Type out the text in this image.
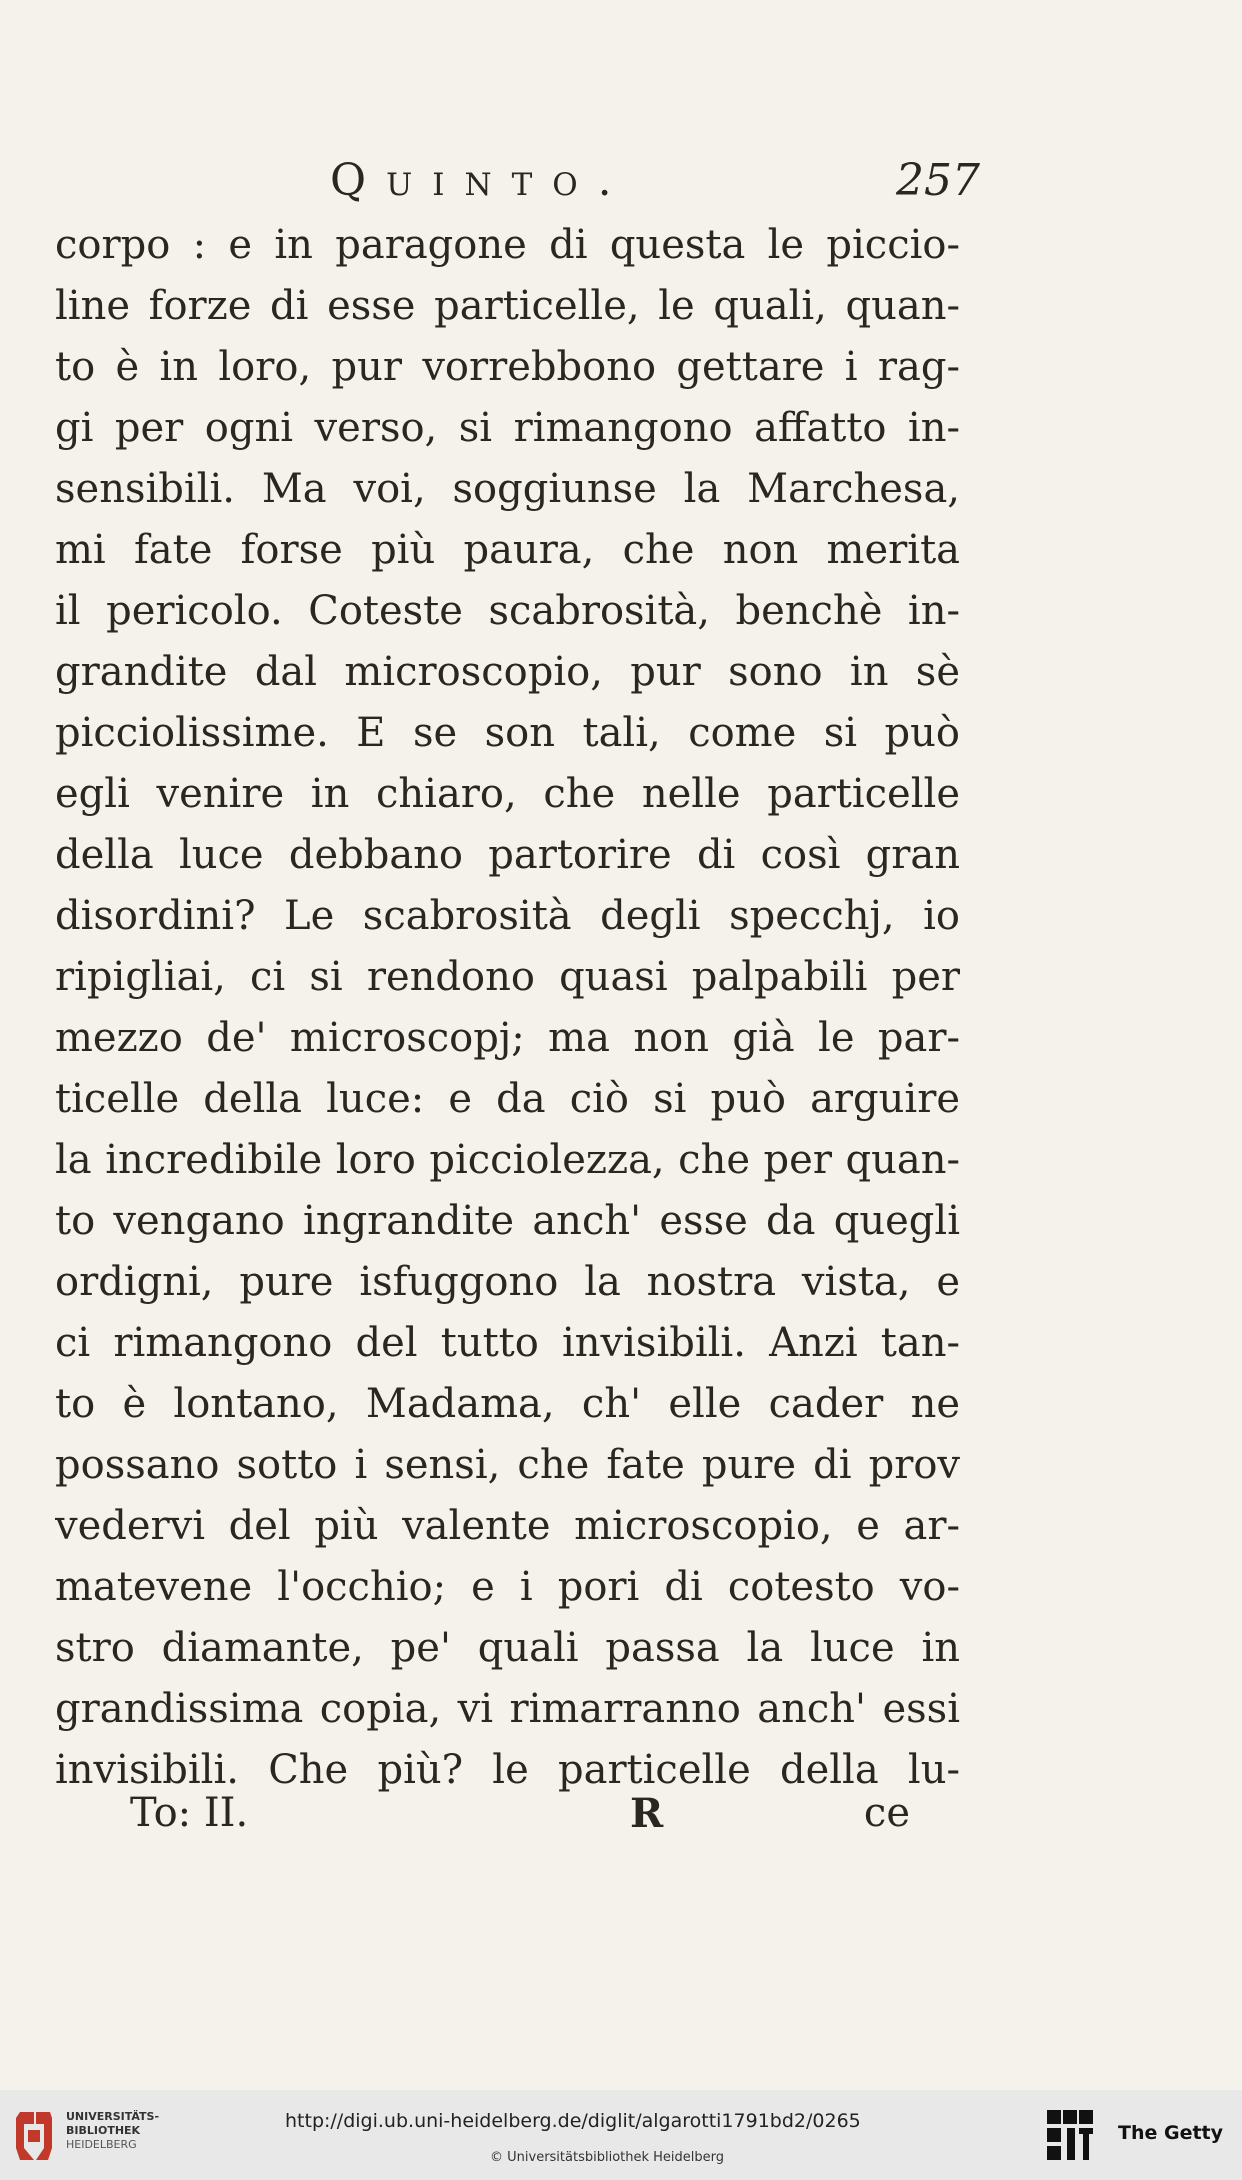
Quinto.	257
corpo : e in paragone di questa le piccio-
line forze di esse particelle, le quali, quan-
to è in loro, pur vorrebbono gettare i rag-
gi per ogni verso, si rimangono affatto in-
sensibili. Ma voi, soggiunse la Marchesa,
mi fate forse più paura, che non merita
il pericolo. Coteste scabrosità, benchè in-
grandite dal microscopio, pur sono in sè
picciolissime. E se son tali, come si può
egli venire in chiaro, che nelle particelle
della luce debbano partorire di così gran
disordini? Le scabrosità degli specchj, io
ripigliai, ci si rendono quasi palpabili per
mezzo de' microscopj; ma non già le par-
ticelle della luce: e da ciò si può arguire
la incredibile loro picciolezza, che per quan-
to vengano ingrandite anch' esse da quegli
ordigni, pure isfuggono la nostra vista, e
ci rimangono del tutto invisibili. Anzi tan-
to è lontano, Madama, ch' elle cader ne
possano sotto i sensi, che fate pure di prov
vedervi del più valente microscopio, e ar-
matevene l'occhio; e i pori di cotesto vo-
stro diamante, pe' quali passa la luce in
grandissima copia, vi rimarranno anch' essi
invisibili. Che più? le particelle della lu-
To: II.	R	ce
UNIVERSITÄTS-
BIBLIOTHEK
HEIDELBERG
http://digi.ub.uni-heidelberg.de/diglit/algarotti1791bd2/0265
© Universitätsbibliothek Heidelberg
The Getty
